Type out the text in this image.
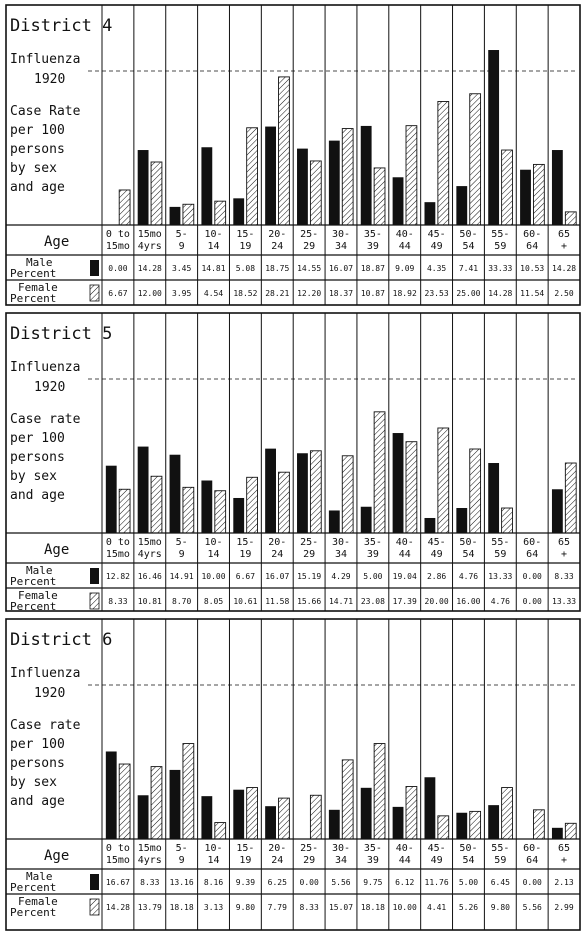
District 4
Influenza
1920
Case Rate
per 100
persons
by sex
and age
Age
Male
Percent
Female
Percent
0 to
15mo
0.00
6.67
15mo
4yrs
14.28
12.00
5-
9
3.45
3.95
10-
14
14.81
4.54
15-
19
5.08
18.52
20-
24
18.75
28.21
25-
29
14.55
12.20
30-
34
16.07
18.37
35-
39
18.87
10.87
40-
44
9.09
18.92
45-
49
4.35
23.53
50-
54
7.41
25.00
55-
59
33.33
14.28
60-
64
10.53
11.54
65
+
14.28
2.50
District 5
Influenza
1920
Case rate
per 100
persons
by sex
and age
Age
Male
Percent
Female
Percent
0 to
15mo
12.82
8.33
15mo
4yrs
16.46
10.81
5-
9
14.91
8.70
10-
14
10.00
8.05
15-
19
6.67
10.61
20-
24
16.07
11.58
25-
29
15.19
15.66
30-
34
4.29
14.71
35-
39
5.00
23.08
40-
44
19.04
17.39
45-
49
2.86
20.00
50-
54
4.76
16.00
55-
59
13.33
4.76
60-
64
0.00
0.00
65
+
8.33
13.33
District 6
Influenza
1920
Case rate
per 100
persons
by sex
and age
Age
Male
Percent
Female
Percent
0 to
15mo
16.67
14.28
15mo
4yrs
8.33
13.79
5-
9
13.16
18.18
10-
14
8.16
3.13
15-
19
9.39
9.80
20-
24
6.25
7.79
25-
29
0.00
8.33
30-
34
5.56
15.07
35-
39
9.75
18.18
40-
44
6.12
10.00
45-
49
11.76
4.41
50-
54
5.00
5.26
55-
59
6.45
9.80
60-
64
0.00
5.56
65
+
2.13
2.99
